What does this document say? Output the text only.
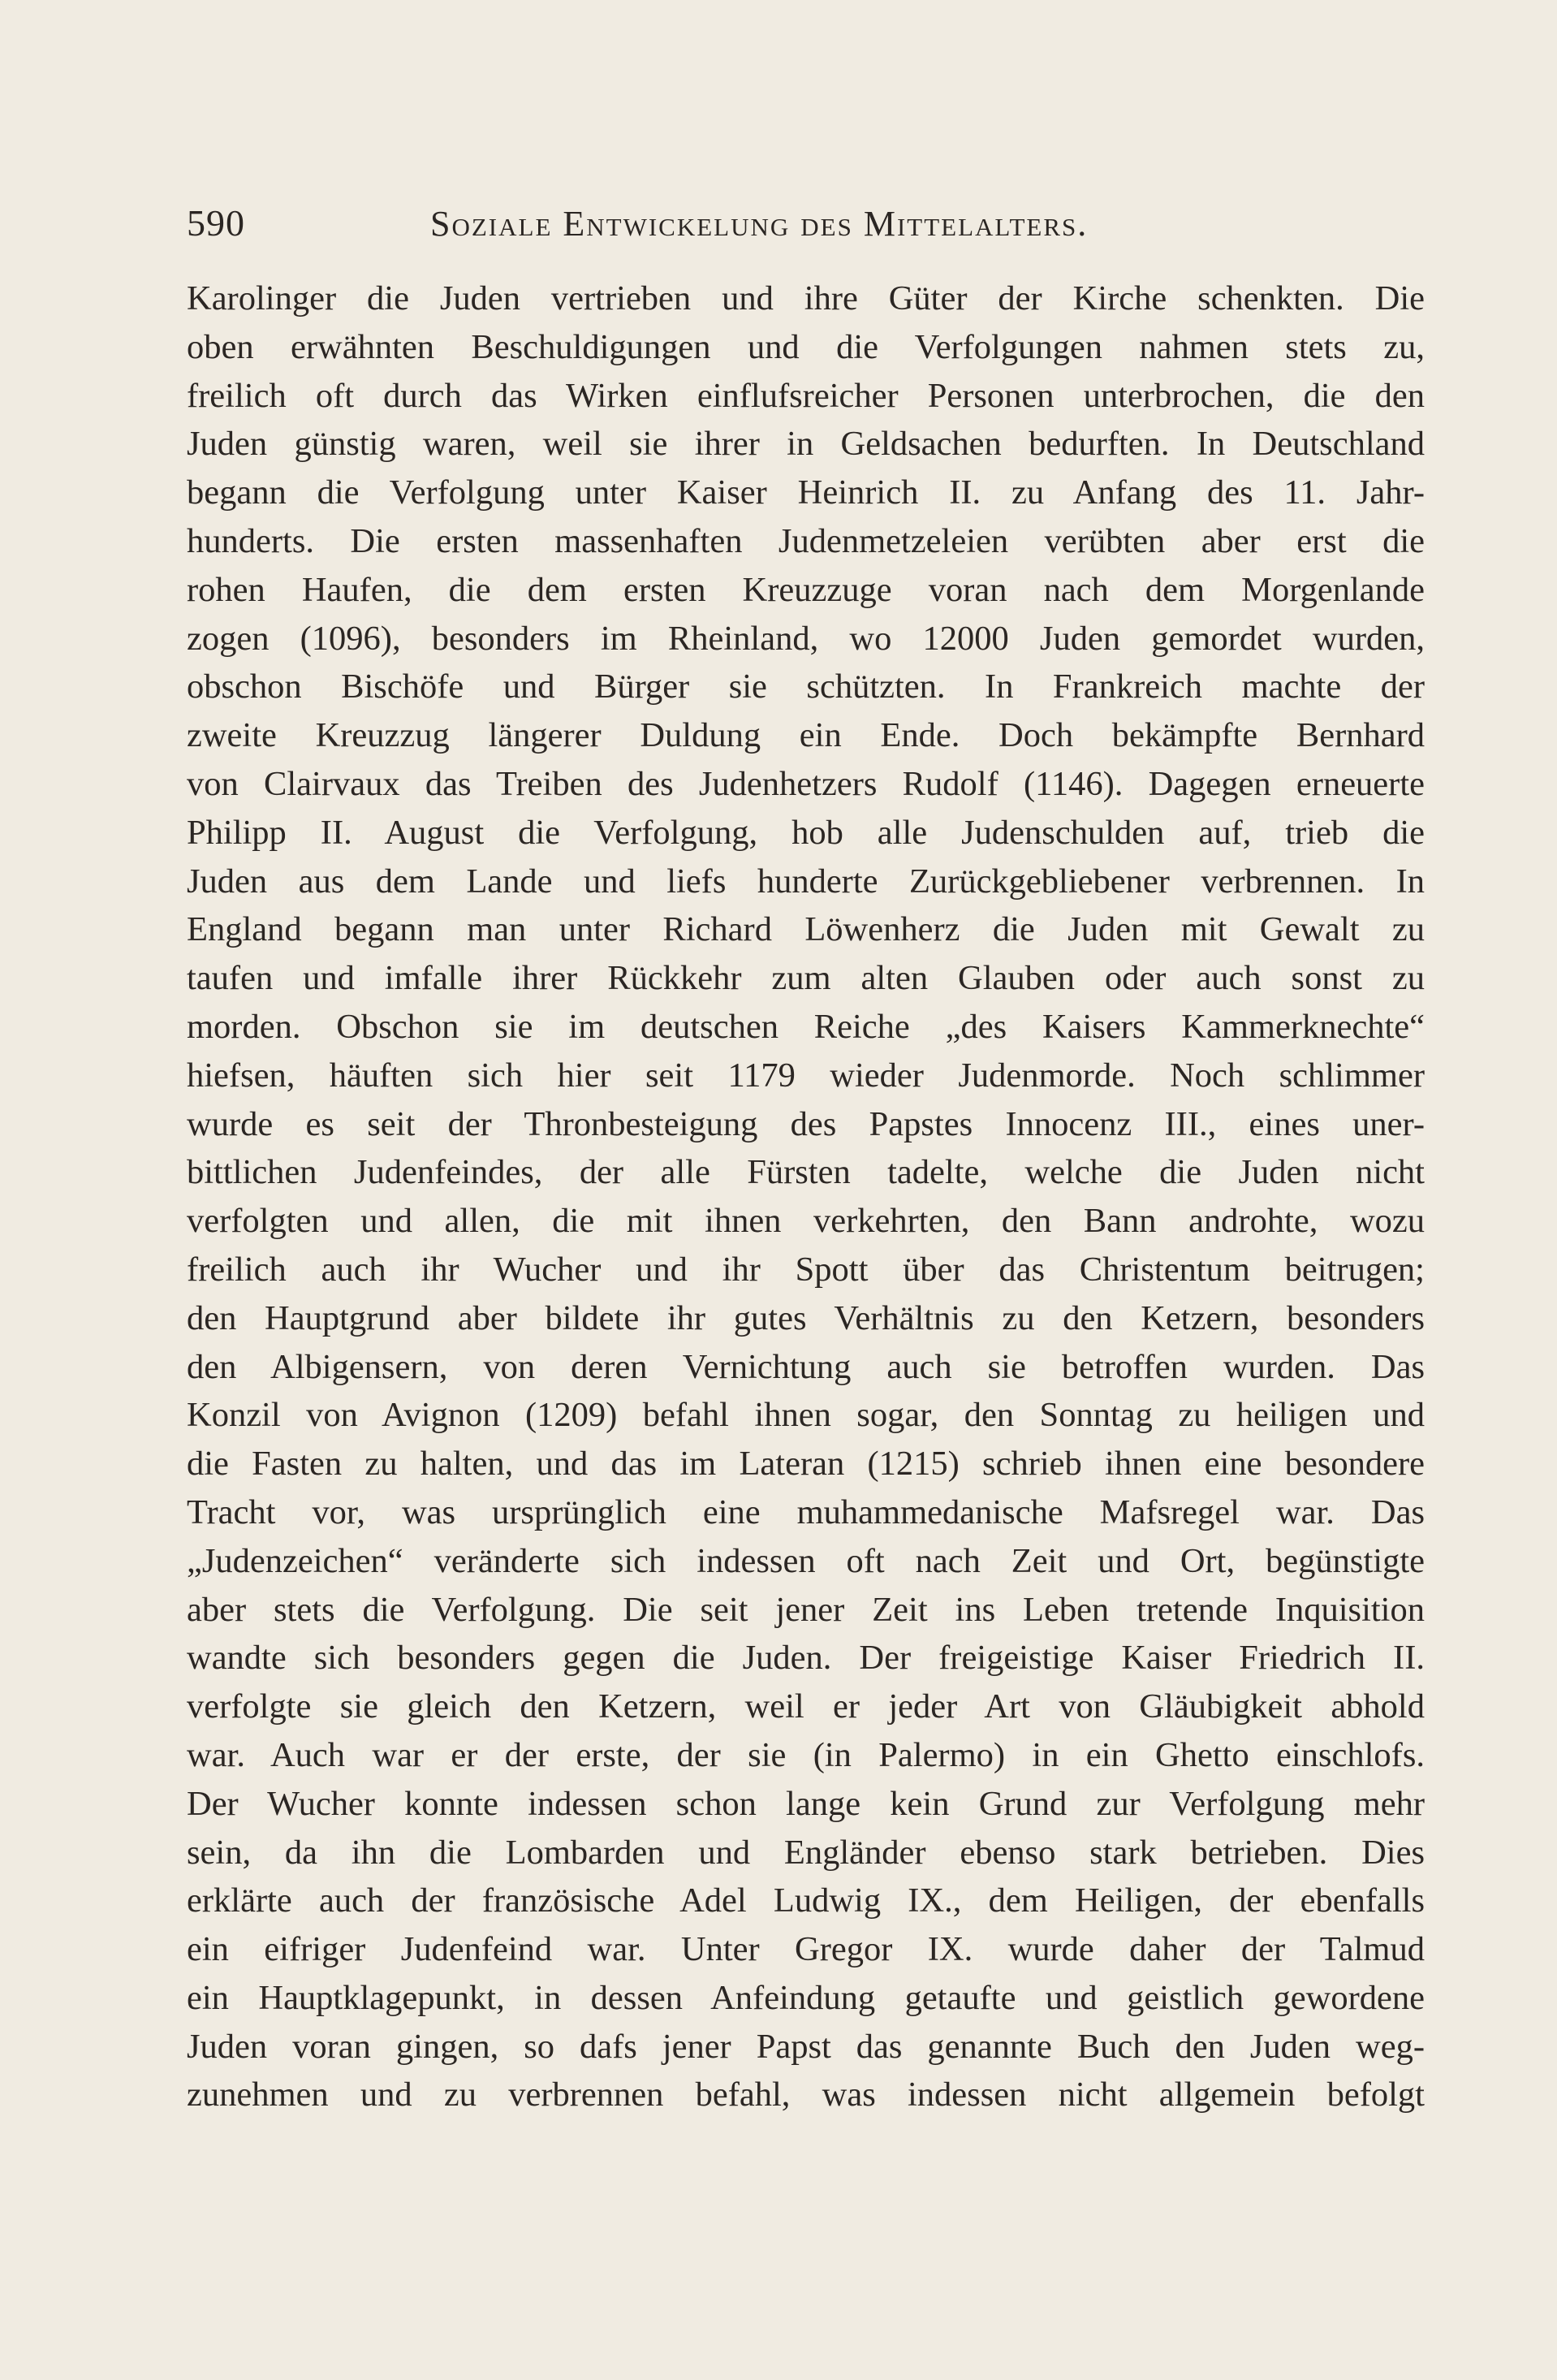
590	Soziale Entwickelung des Mittelalters.
Karolinger die Juden vertrieben und ihre Güter der Kirche schenkten. Die
oben erwähnten Beschuldigungen und die Verfolgungen nahmen stets zu,
freilich oft durch das Wirken einflufsreicher Personen unterbrochen, die den
Juden günstig waren, weil sie ihrer in Geldsachen bedurften. In Deutschland
begann die Verfolgung unter Kaiser Heinrich II. zu Anfang des 11. Jahr-
hunderts. Die ersten massenhaften Judenmetzeleien verübten aber erst die
rohen Haufen, die dem ersten Kreuzzuge voran nach dem Morgenlande
zogen (1096), besonders im Rheinland, wo 12000 Juden gemordet wurden,
obschon Bischöfe und Bürger sie schützten. In Frankreich machte der
zweite Kreuzzug längerer Duldung ein Ende. Doch bekämpfte Bernhard
von Clairvaux das Treiben des Judenhetzers Rudolf (1146). Dagegen erneuerte
Philipp II. August die Verfolgung, hob alle Judenschulden auf, trieb die
Juden aus dem Lande und liefs hunderte Zurückgebliebener verbrennen. In
England begann man unter Richard Löwenherz die Juden mit Gewalt zu
taufen und imfalle ihrer Rückkehr zum alten Glauben oder auch sonst zu
morden. Obschon sie im deutschen Reiche „des Kaisers Kammerknechte“
hiefsen, häuften sich hier seit 1179 wieder Judenmorde. Noch schlimmer
wurde es seit der Thronbesteigung des Papstes Innocenz III., eines uner-
bittlichen Judenfeindes, der alle Fürsten tadelte, welche die Juden nicht
verfolgten und allen, die mit ihnen verkehrten, den Bann androhte, wozu
freilich auch ihr Wucher und ihr Spott über das Christentum beitrugen;
den Hauptgrund aber bildete ihr gutes Verhältnis zu den Ketzern, besonders
den Albigensern, von deren Vernichtung auch sie betroffen wurden. Das
Konzil von Avignon (1209) befahl ihnen sogar, den Sonntag zu heiligen und
die Fasten zu halten, und das im Lateran (1215) schrieb ihnen eine besondere
Tracht vor, was ursprünglich eine muhammedanische Mafsregel war. Das
„Judenzeichen“ veränderte sich indessen oft nach Zeit und Ort, begünstigte
aber stets die Verfolgung. Die seit jener Zeit ins Leben tretende Inquisition
wandte sich besonders gegen die Juden. Der freigeistige Kaiser Friedrich II.
verfolgte sie gleich den Ketzern, weil er jeder Art von Gläubigkeit abhold
war. Auch war er der erste, der sie (in Palermo) in ein Ghetto einschlofs.
Der Wucher konnte indessen schon lange kein Grund zur Verfolgung mehr
sein, da ihn die Lombarden und Engländer ebenso stark betrieben. Dies
erklärte auch der französische Adel Ludwig IX., dem Heiligen, der ebenfalls
ein eifriger Judenfeind war. Unter Gregor IX. wurde daher der Talmud
ein Hauptklagepunkt, in dessen Anfeindung getaufte und geistlich gewordene
Juden voran gingen, so dafs jener Papst das genannte Buch den Juden weg-
zunehmen und zu verbrennen befahl, was indessen nicht allgemein befolgt
